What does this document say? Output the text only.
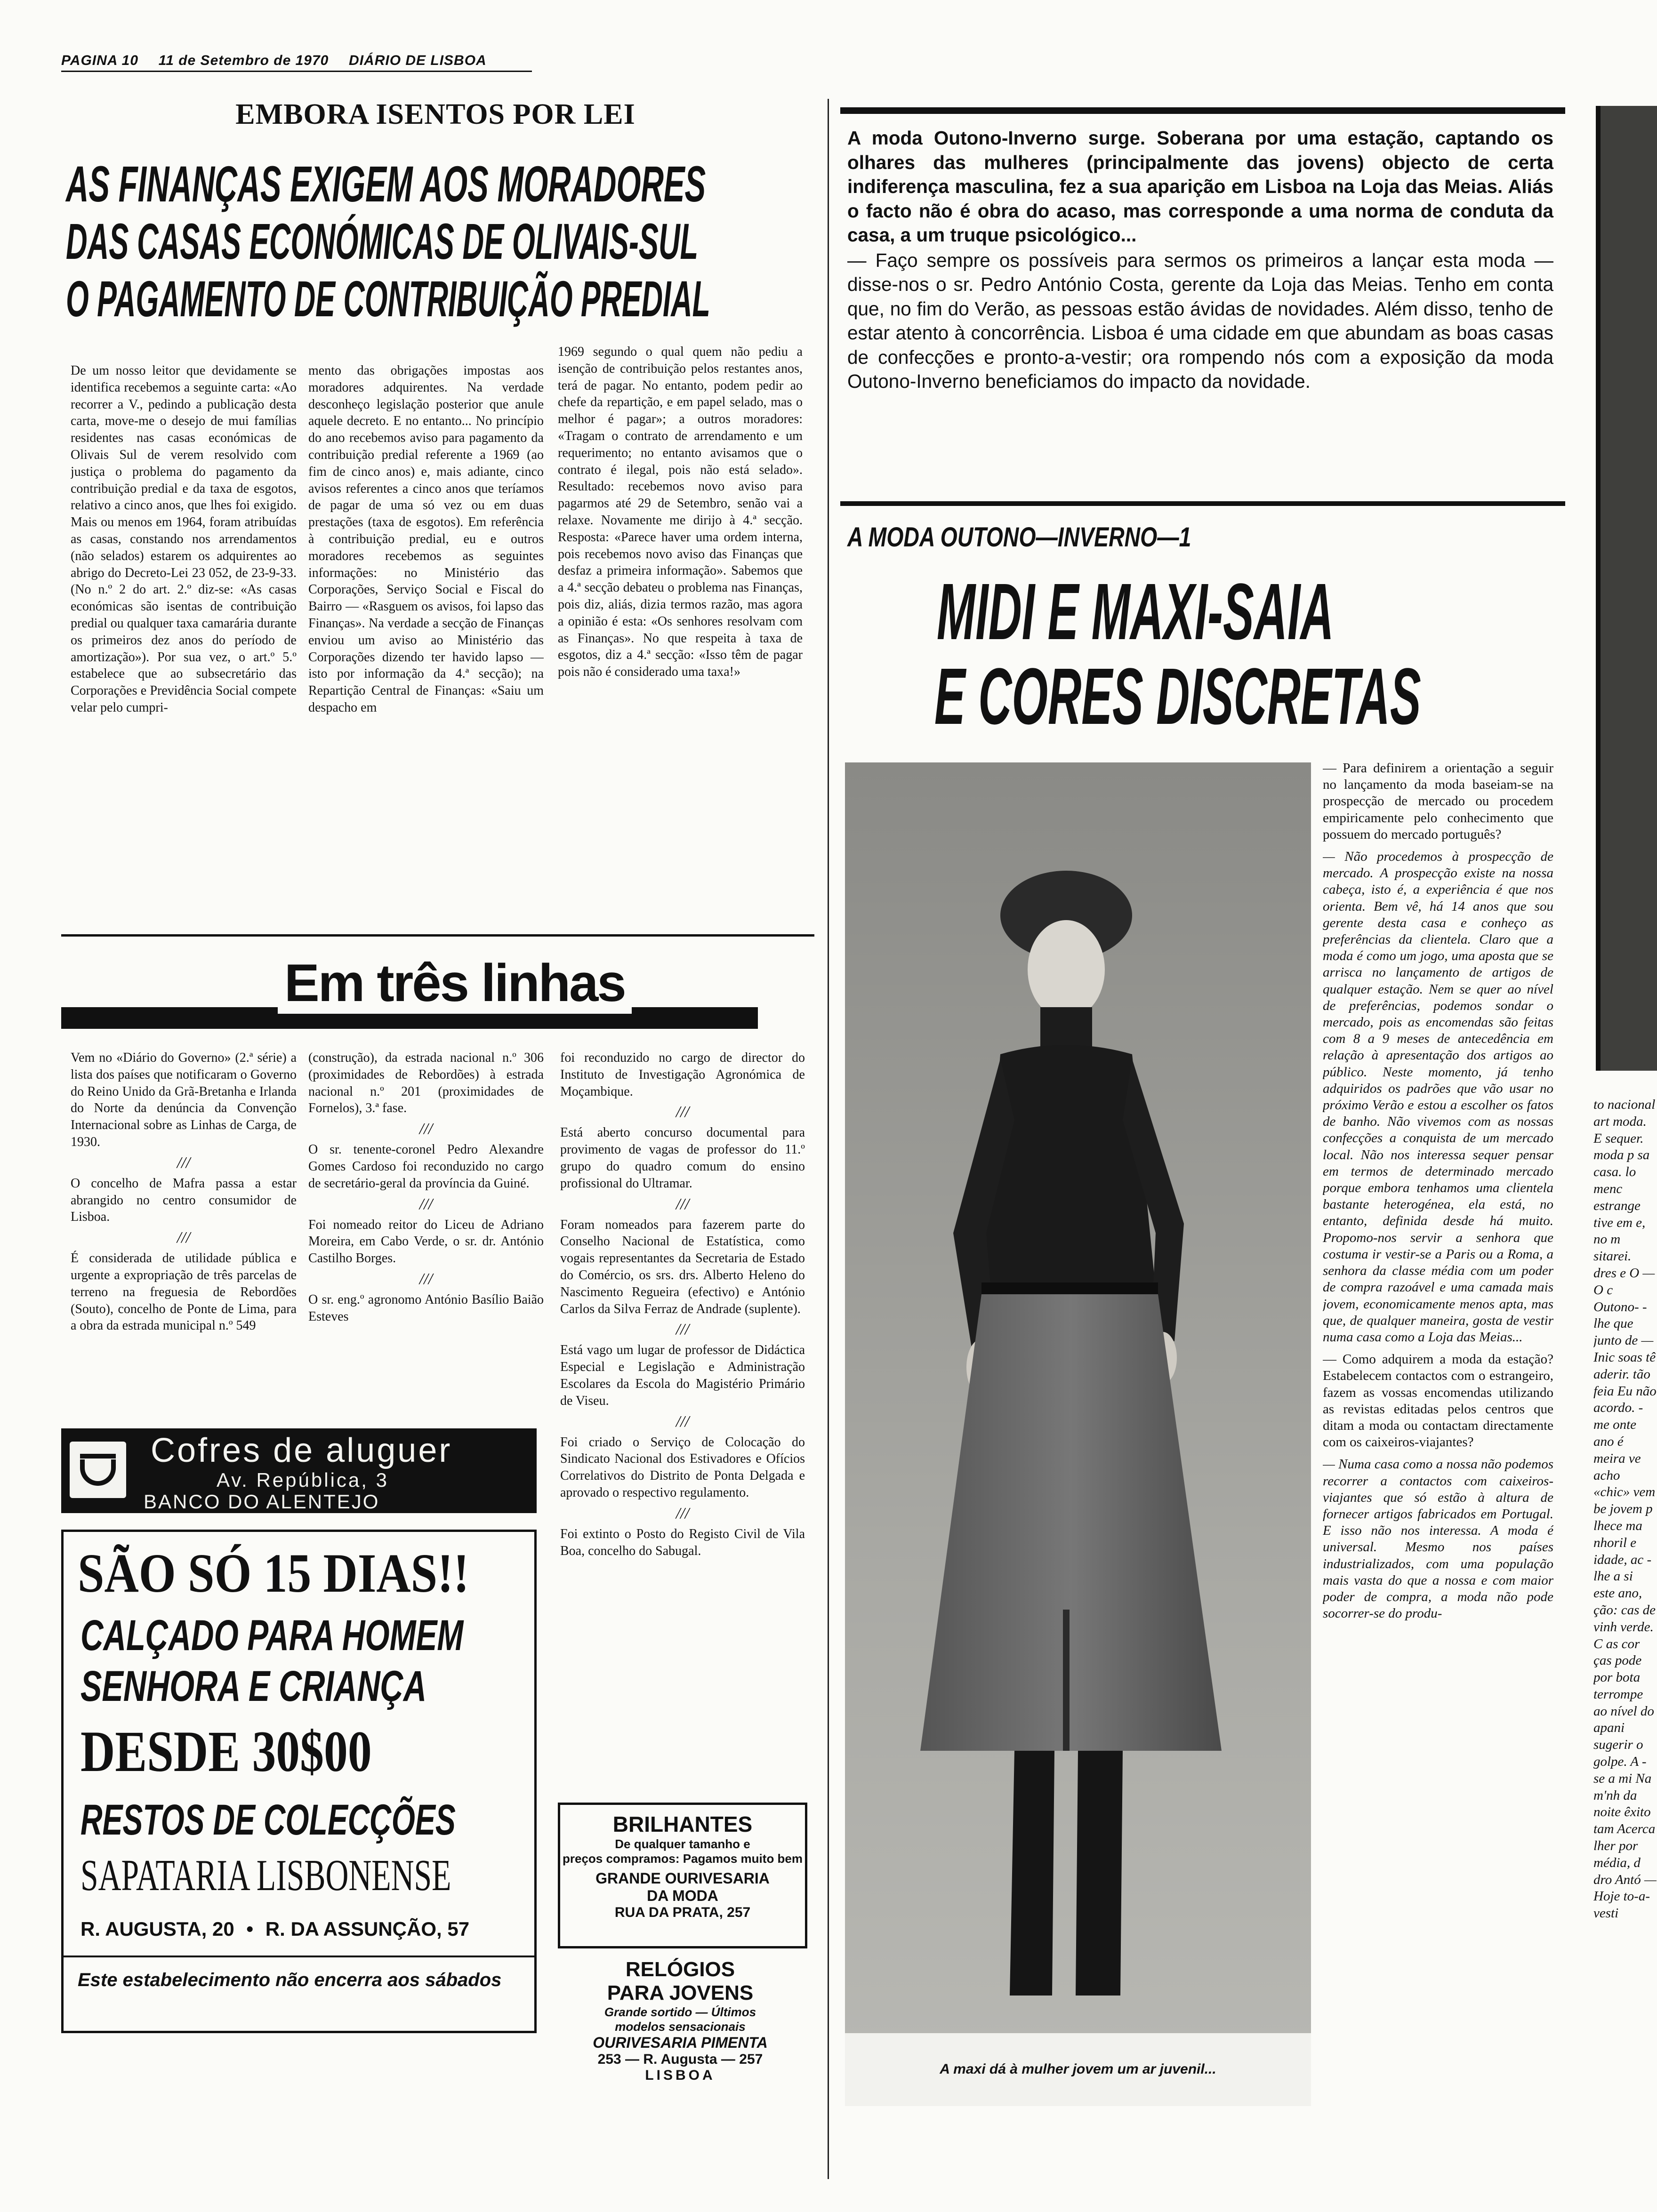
PAGINA 10 11 de Setembro de 1970 DIÁRIO DE LISBOA
EMBORA ISENTOS POR LEI
AS FINANÇAS EXIGEM AOS MORADORES
DAS CASAS ECONÓMICAS DE OLIVAIS-SUL
O PAGAMENTO DE CONTRIBUIÇÃO PREDIAL
De um nosso leitor que devidamente se identifica recebemos a seguinte carta: «Ao recorrer a V., pedindo a publicação desta carta, move-me o desejo de mui famílias residentes nas casas económicas de Olivais Sul de verem resolvido com justiça o problema do pagamento da contribuição predial e da taxa de esgotos, relativo a cinco anos, que lhes foi exigido. Mais ou menos em 1964, foram atribuídas as casas, constando nos arrendamentos (não selados) estarem os adquirentes ao abrigo do Decreto-Lei 23 052, de 23-9-33. (No n.º 2 do art. 2.º diz-se: «As casas económicas são isentas de contribuição predial ou qualquer taxa camarária durante os primeiros dez anos do período de amortização»). Por sua vez, o art.º 5.º estabelece que ao subsecretário das Corporações e Previdência Social compete velar pelo cumpri-
mento das obrigações impostas aos moradores adquirentes. Na verdade desconheço legislação posterior que anule aquele decreto. E no entanto... No princípio do ano recebemos aviso para pagamento da contribuição predial referente a 1969 (ao fim de cinco anos) e, mais adiante, cinco avisos referentes a cinco anos que teríamos de pagar de uma só vez ou em duas prestações (taxa de esgotos). Em referência à contribuição predial, eu e outros moradores recebemos as seguintes informações: no Ministério das Corporações, Serviço Social e Fiscal do Bairro — «Rasguem os avisos, foi lapso das Finanças». Na verdade a secção de Finanças enviou um aviso ao Ministério das Corporações dizendo ter havido lapso — isto por informação da 4.ª secção); na Repartição Central de Finanças: «Saiu um despacho em
1969 segundo o qual quem não pediu a isenção de contribuição pelos restantes anos, terá de pagar. No entanto, podem pedir ao chefe da repartição, e em papel selado, mas o melhor é pagar»; a outros moradores: «Tragam o contrato de arrendamento e um requerimento; no entanto avisamos que o contrato é ilegal, pois não está selado». Resultado: recebemos novo aviso para pagarmos até 29 de Setembro, senão vai a relaxe. Novamente me dirijo à 4.ª secção. Resposta: «Parece haver uma ordem interna, pois recebemos novo aviso das Finanças que desfaz a primeira informação». Sabemos que a 4.ª secção debateu o problema nas Finanças, pois diz, aliás, dizia termos razão, mas agora a opinião é esta: «Os senhores resolvam com as Finanças». No que respeita à taxa de esgotos, diz a 4.ª secção: «Isso têm de pagar pois não é considerado uma taxa!»
Em três linhas

Vem no «Diário do Governo» (2.ª série) a lista dos países que notificaram o Governo do Reino Unido da Grã-Bretanha e Irlanda do Norte da denúncia da Convenção Internacional sobre as Linhas de Carga, de 1930.

///

O concelho de Mafra passa a estar abrangido no centro consumidor de Lisboa.

///

É considerada de utilidade pública e urgente a expropriação de três parcelas de terreno na freguesia de Rebordões (Souto), concelho de Ponte de Lima, para a obra da estrada municipal n.º 549

(construção), da estrada nacional n.º 306 (proximidades de Rebordões) à estrada nacional n.º 201 (proximidades de Fornelos), 3.ª fase.

///

O sr. tenente-coronel Pedro Alexandre Gomes Cardoso foi reconduzido no cargo de secretário-geral da província da Guiné.

///

Foi nomeado reitor do Liceu de Adriano Moreira, em Cabo Verde, o sr. dr. António Castilho Borges.

///

O sr. eng.º agronomo António Basílio Baião Esteves

foi reconduzido no cargo de director do Instituto de Investigação Agronómica de Moçambique.

///

Está aberto concurso documental para provimento de vagas de professor do 11.º grupo do quadro comum do ensino profissional do Ultramar.

///

Foram nomeados para fazerem parte do Conselho Nacional de Estatística, como vogais representantes da Secretaria de Estado do Comércio, os srs. drs. Alberto Heleno do Nascimento Regueira (efectivo) e António Carlos da Silva Ferraz de Andrade (suplente).

///

Está vago um lugar de professor de Didáctica Especial e Legislação e Administração Escolares da Escola do Magistério Primário de Viseu.

///

Foi criado o Serviço de Colocação do Sindicato Nacional dos Estivadores e Ofícios Correlativos do Distrito de Ponta Delgada e aprovado o respectivo regulamento.

///

Foi extinto o Posto do Registo Civil de Vila Boa, concelho do Sabugal.

Cofres de aluguer
Av. República, 3
BANCO DO ALENTEJO
SÃO SÓ 15 DIAS!!
CALÇADO PARA HOMEM
SENHORA E CRIANÇA
DESDE 30$00
RESTOS DE COLECÇÕES
SAPATARIA LISBONENSE
R. AUGUSTA, 20 • R. DA ASSUNÇÃO, 57
Este estabelecimento não encerra aos sábados
BRILHANTES
De qualquer tamanho e
preços compramos: Pagamos muito bem
GRANDE OURIVESARIA
DA MODA
RUA DA PRATA, 257
RELÓGIOS
PARA JOVENS
Grande sortido — Últimos
modelos sensacionais
OURIVESARIA PIMENTA
253 — R. Augusta — 257
LISBOA
A moda Outono-Inverno surge. Soberana por uma estação, captando os olhares das mulheres (principalmente das jovens) objecto de certa indiferença masculina, fez a sua aparição em Lisboa na Loja das Meias. Aliás o facto não é obra do acaso, mas corresponde a uma norma de conduta da casa, a um truque psicológico...
— Faço sempre os possíveis para sermos os primeiros a lançar esta moda — disse-nos o sr. Pedro António Costa, gerente da Loja das Meias. Tenho em conta que, no fim do Verão, as pessoas estão ávidas de novidades. Além disso, tenho de estar atento à concorrência. Lisboa é uma cidade em que abundam as boas casas de confecções e pronto-a-vestir; ora rompendo nós com a exposição da moda Outono-Inverno beneficiamos do impacto da novidade.
A MODA OUTONO—INVERNO—1
MIDI E MAXI-SAIA
E CORES DISCRETAS
A maxi dá à mulher jovem um ar juvenil...

— Para definirem a orientação a seguir no lançamento da moda baseiam-se na prospecção de mercado ou procedem empiricamente pelo conhecimento que possuem do mercado português?

— Não procedemos à prospecção de mercado. A prospecção existe na nossa cabeça, isto é, a experiência é que nos orienta. Bem vê, há 14 anos que sou gerente desta casa e conheço as preferências da clientela. Claro que a moda é como um jogo, uma aposta que se arrisca no lançamento de artigos de qualquer estação. Nem se quer ao nível de preferências, podemos sondar o mercado, pois as encomendas são feitas com 8 a 9 meses de antecedência em relação à apresentação dos artigos ao público. Neste momento, já tenho adquiridos os padrões que vão usar no próximo Verão e estou a escolher os fatos de banho. Não vivemos com as nossas confecções a conquista de um mercado local. Não nos interessa sequer pensar em termos de determinado mercado porque embora tenhamos uma clientela bastante heterogénea, ela está, no entanto, definida desde há muito. Propomo-nos servir a senhora que costuma ir vestir-se a Paris ou a Roma, a senhora da classe média com um poder de compra razoável e uma camada mais jovem, economicamente menos apta, mas que, de qualquer maneira, gosta de vestir numa casa como a Loja das Meias...

— Como adquirem a moda da estação? Estabelecem contactos com o estrangeiro, fazem as vossas encomendas utilizando as revistas editadas pelos centros que ditam a moda ou contactam directamente com os caixeiros-viajantes?

— Numa casa como a nossa não podemos recorrer a contactos com caixeiros-viajantes que só estão à altura de fornecer artigos fabricados em Portugal. E isso não nos interessa. A moda é universal. Mesmo nos países industrializados, com uma população mais vasta do que a nossa e com maior poder de compra, a moda não pode socorrer-se do produ-

to nacional art moda. E sequer. moda p sa casa. lo menc estrange tive em e, no m sitarei. dres e O — O c Outono- -lhe que junto de — Inic soas tê aderir. tão feia Eu não acordo. -me onte ano é meira ve acho «chic» vem be jovem p lhece ma nhoril e idade, ac -lhe a si este ano, ção: cas de vinh verde. C as cor ças pode por bota terrompe ao nível do apani sugerir o golpe. A -se a mi Na m'nh da noite êxito tam Acerca lher por média, d dro Antó — Hoje to-a-vesti
